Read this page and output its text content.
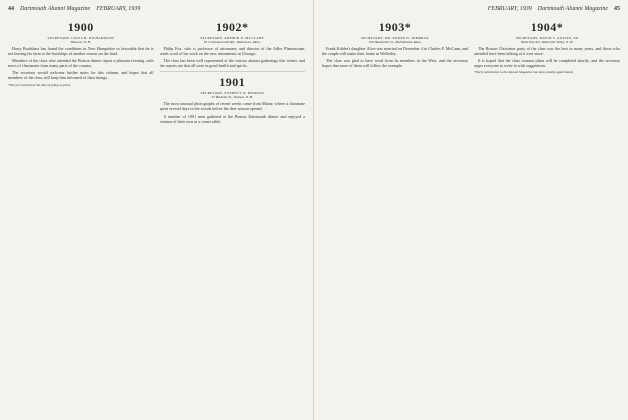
44 Dartmouth Alumni Magazine FEBRUARY, 1939
1900

SECRETARY, LOUIS B. RICHARDSON

Hanover, N. H.

Harry Bradshaw has found the conditions in New Hampshire so favorable that he is not leaving his farm to the hardships of another season on the land.

Members of the class who attended the Boston dinner report a pleasant evening, with news of classmates from many parts of the country.

The secretary would welcome further notes for this column, and hopes that all members of the class will keep him informed of their doings.

*Not yet received at the time of going to press.

1902*

SECRETARY, ARTHUR E. MCCLARY

63 Commonwealth Rd., Watertown, Mass.

Philip Fox, who is professor of astronomy and director of the Adler Planetarium, sends word of his work on the new instruments at Chicago.

The class has been well represented at the various alumni gatherings this winter, and the reports are that all were in good health and spirits.

1901

SECRETARY, EVERETT W. HUDSON

97 Berkeley St., Nashua, N. H.

The most unusual photographs of recent weeks came from Maine, where a classmate spent several days in the woods before the deer season opened.

A number of 1901 men gathered at the Boston Dartmouth dinner and enjoyed a reunion of their own at a corner table.

FEBRUARY, 1939 Dartmouth Alumni Magazine 45
1903*

SECRETARY, DR. EDWIN N. DIMMICK

136 Hampshire St., Marblehead, Mass.

Frank Kidder's daughter Alice was married on December 4 to Charles F. McCann, and the couple will make their home in Wellesley.

The class was glad to have word from its members in the West, and the secretary hopes that more of them will follow the example.

1904*

SECRETARY, DAVID S. AUSTIN, 2D

Waterville Inn, Waterville Valley, N. H.

The Boston Christmas party of the class was the best in many years, and those who attended have been talking of it ever since.

It is hoped that the class reunion plans will be completed shortly, and the secretary urges everyone to write in with suggestions.

*Early submission to the Alumni Magazine has been greatly appreciated.
